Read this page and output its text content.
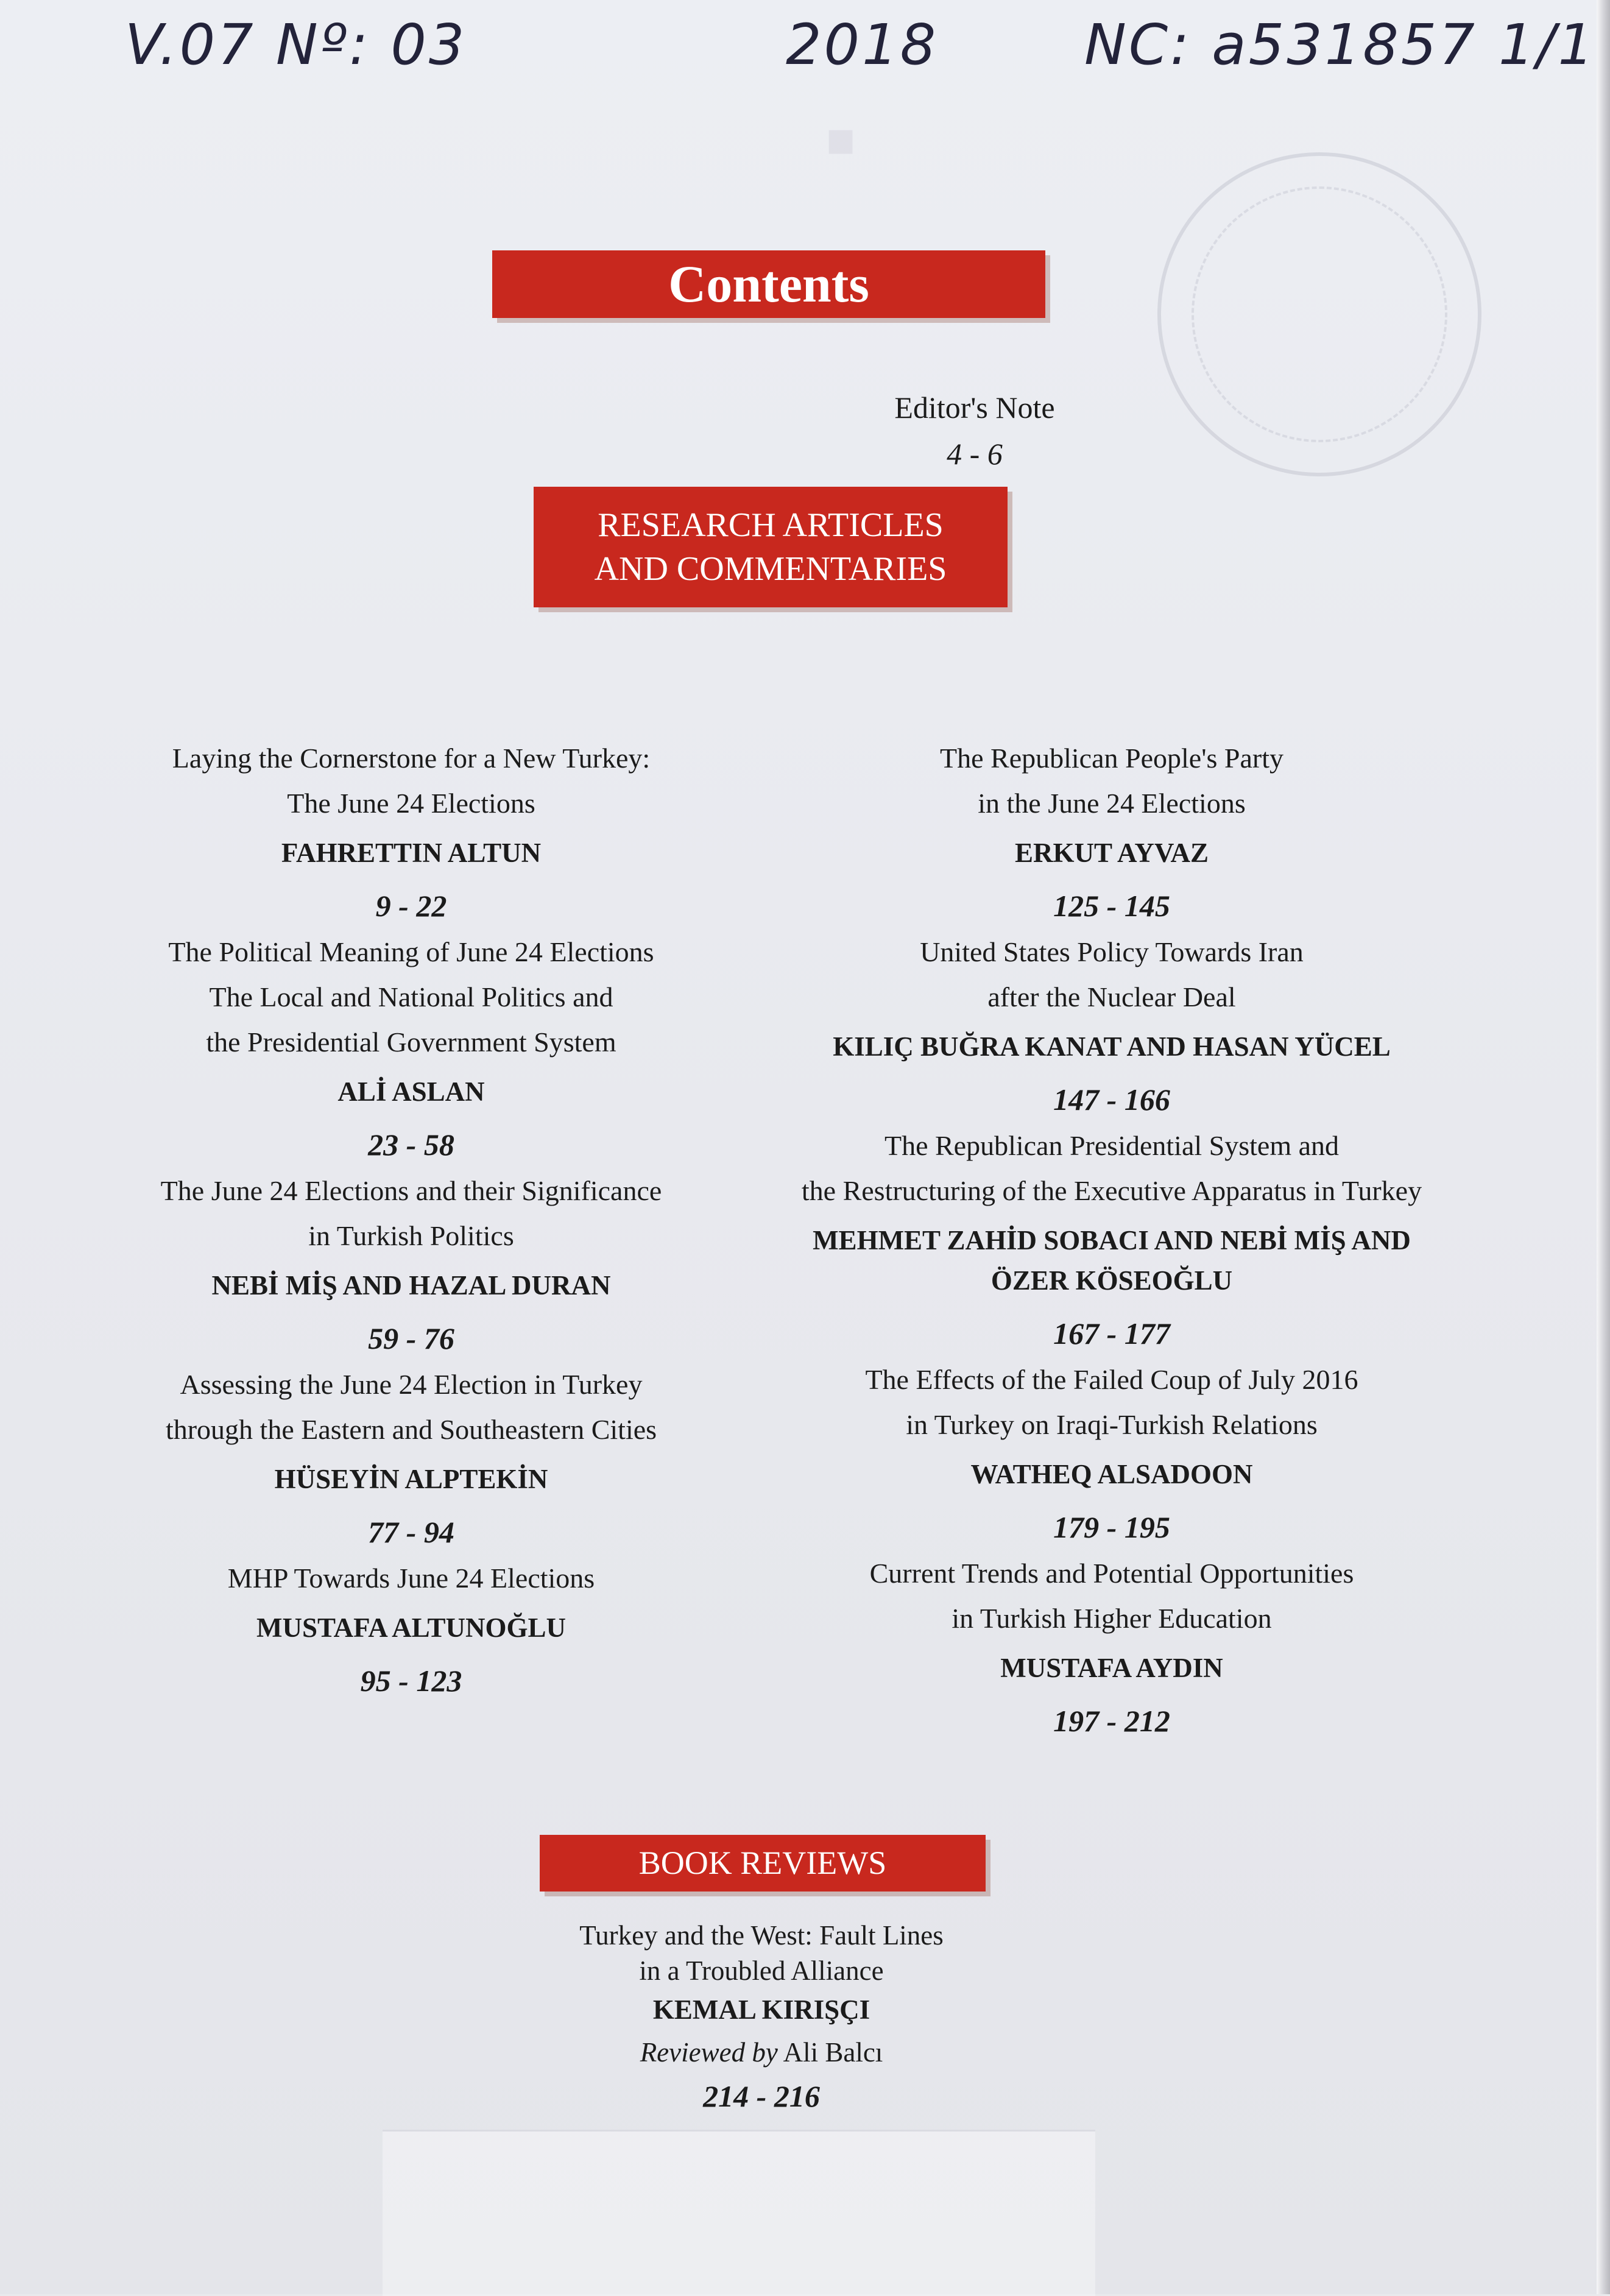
■
V.07 Nº: 03	2018	NC: a531857 1/1
Contents
Editor's Note
4 - 6
RESEARCH ARTICLES
AND COMMENTARIES
Laying the Cornerstone for a New Turkey:
The June 24 Elections
FAHRETTIN ALTUN
9 - 22
The Political Meaning of June 24 Elections
The Local and National Politics and
the Presidential Government System
ALİ ASLAN
23 - 58
The June 24 Elections and their Significance
in Turkish Politics
NEBİ MİŞ AND HAZAL DURAN
59 - 76
Assessing the June 24 Election in Turkey
through the Eastern and Southeastern Cities
HÜSEYİN ALPTEKİN
77 - 94
MHP Towards June 24 Elections
MUSTAFA ALTUNOĞLU
95 - 123
The Republican People's Party
in the June 24 Elections
ERKUT AYVAZ
125 - 145
United States Policy Towards Iran
after the Nuclear Deal
KILIÇ BUĞRA KANAT AND HASAN YÜCEL
147 - 166
The Republican Presidential System and
the Restructuring of the Executive Apparatus in Turkey
MEHMET ZAHİD SOBACI AND NEBİ MİŞ AND
ÖZER KÖSEOĞLU
167 - 177
The Effects of the Failed Coup of July 2016
in Turkey on Iraqi-Turkish Relations
WATHEQ ALSADOON
179 - 195
Current Trends and Potential Opportunities
in Turkish Higher Education
MUSTAFA AYDIN
197 - 212
BOOK REVIEWS
Turkey and the West: Fault Lines
in a Troubled Alliance
KEMAL KIRIŞÇI
Reviewed by Ali Balcı
214 - 216
